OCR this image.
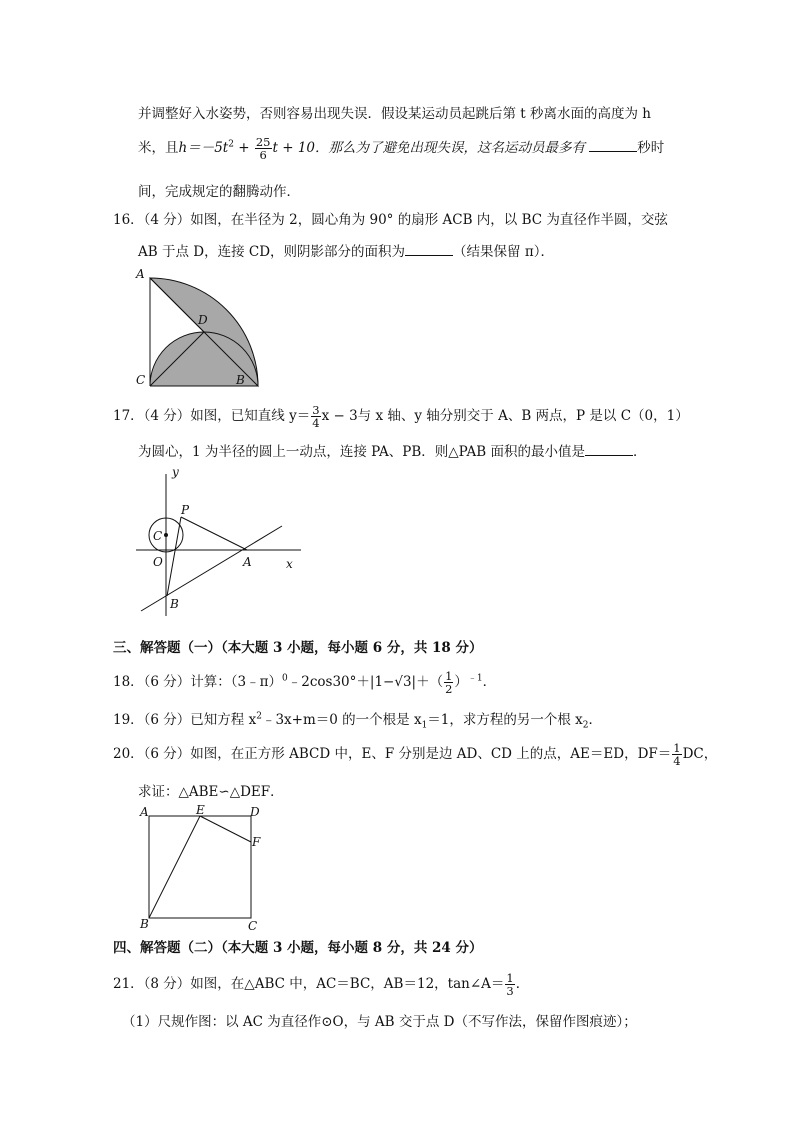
并调整好入水姿势，否则容易出现失误．假设某运动员起跳后第 t 秒离水面的高度为 h
米，且$h=-5t^2 + \frac{25}{6}$ t + 10．那么为了避免出现失误，这名运动员最多有	秒时
间，完成规定的翻腾动作．
16．（4 分）如图，在半径为 2，圆心角为 90° 的扇形 ACB 内，以 BC 为直径作半圆，交弦
AB 于点 D，连接 CD，则阴影部分的面积为	（结果保留 π）．
A
D
C	B
17．（4 分）如图，已知直线 $y= \frac{3}{4}$ x − 3与 x 轴、y 轴分别交于 A、B 两点，P 是以 C（0，1）
为圆心，1 为半径的圆上一动点，连接 PA、PB．则△PAB 面积的最小值是	．
y
x
P
C
O	A
B
三、解答题（一）（本大题 3 小题，每小题 6 分，共 18 分）
18．（6 分）计算：（3﹣π）$^0$﹣2cos30°＋|1−√3|＋（ $\frac{1}{2} )^{﹣1}$．
19．（6 分）已知方程 $x^2﹣3x+m=0$ 的一个根是 $x_1=1$，求方程的另一个根 $x_2$．
20．（6 分）如图，在正方形 ABCD 中，E、F 分别是边 AD、CD 上的点，AE＝ED，$DF= \frac{1}{4}$ DC，
求证：△ABE∽△DEF．
A	E	D
F
B	C
四、解答题（二）（本大题 3 小题，每小题 8 分，共 24 分）
21．（8 分）如图，在△ABC 中，AC＝BC，AB＝12，tan∠A＝ $\frac{1}{3}$ ．
（1）尺规作图：以 AC 为直径作⊙O，与 AB 交于点 D（不写作法，保留作图痕迹）；
